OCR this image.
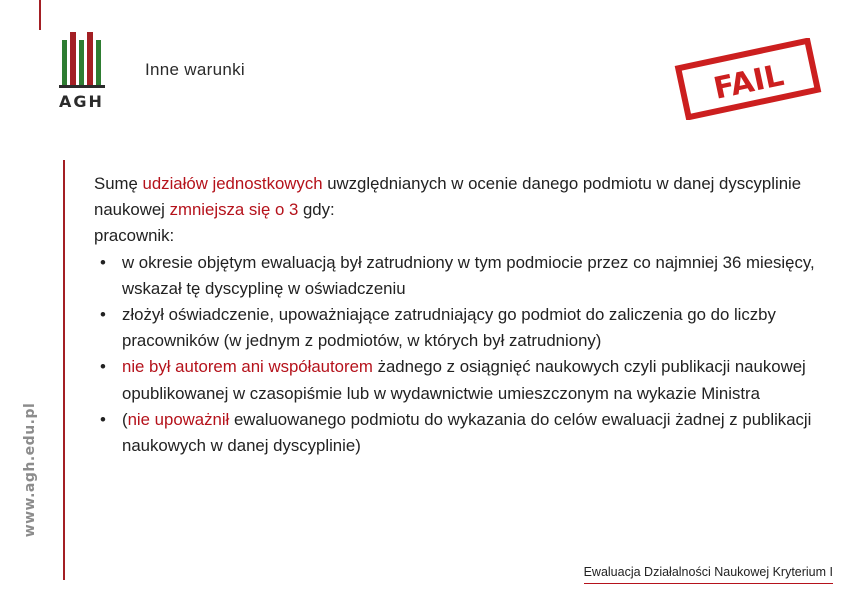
www.agh.edu.pl
AGH
Inne warunki	FAIL

Sumę udziałów jednostkowych uwzględnianych w ocenie danego podmiotu w danej dyscyplinie naukowej zmniejsza się o 3 gdy:

pracownik:

• w okresie objętym ewaluacją był zatrudniony w tym podmiocie przez co najmniej 36 miesięcy, wskazał tę dyscyplinę w oświadczeniu
• złożył oświadczenie, upoważniające zatrudniający go podmiot do zaliczenia go do liczby pracowników (w jednym z podmiotów, w których był zatrudniony)
• nie był autorem ani współautorem żadnego z osiągnięć naukowych czyli publikacji naukowej opublikowanej w czasopiśmie lub w wydawnictwie umieszczonym na wykazie Ministra
• (nie upoważnił ewaluowanego podmiotu do wykazania do celów ewaluacji żadnej z publikacji naukowych w danej dyscyplinie)
Ewaluacja Działalności Naukowej Kryterium I
